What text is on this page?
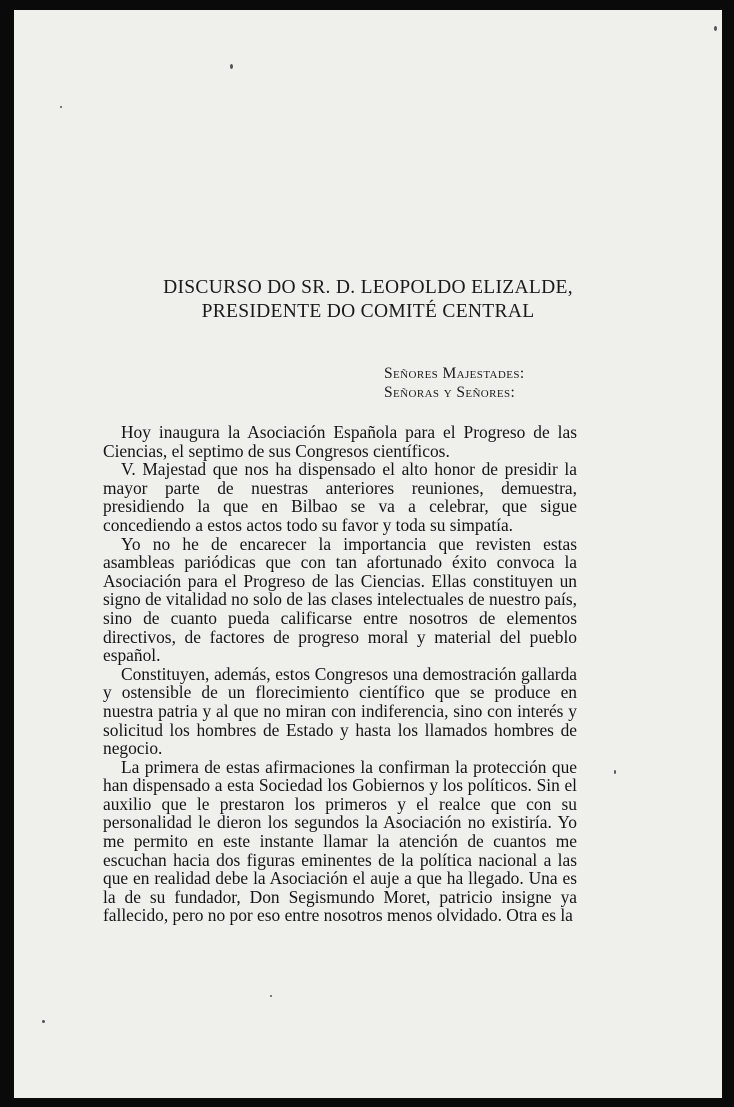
DISCURSO DO SR. D. LEOPOLDO ELIZALDE,
PRESIDENTE DO COMITÉ CENTRAL
Señores Majestades:
Señoras y Señores:

Hoy inaugura la Asociación Española para el Progreso de las Ciencias, el septimo de sus Congresos científicos.

V. Majestad que nos ha dispensado el alto honor de presidir la mayor parte de nuestras anteriores reuniones, demuestra, presidiendo la que en Bilbao se va a celebrar, que sigue concediendo a estos actos todo su favor y toda su simpatía.

Yo no he de encarecer la importancia que revisten estas asambleas pariódicas que con tan afortunado éxito convoca la Asociación para el Progreso de las Ciencias. Ellas constituyen un signo de vitalidad no solo de las clases intelectuales de nuestro país, sino de cuanto pueda calificarse entre nosotros de elementos directivos, de factores de progreso moral y material del pueblo español.

Constituyen, además, estos Congresos una demostración gallarda y ostensible de un florecimiento científico que se produce en nuestra patria y al que no miran con indiferencia, sino con interés y solicitud los hombres de Estado y hasta los llamados hombres de negocio.

La primera de estas afirmaciones la confirman la protección que han dispensado a esta Sociedad los Gobiernos y los políticos. Sin el auxilio que le prestaron los primeros y el realce que con su personalidad le dieron los segundos la Asociación no existiría. Yo me permito en este instante llamar la atención de cuantos me escuchan hacia dos figuras eminentes de la política nacional a las que en realidad debe la Asociación el auje a que ha llegado. Una es la de su fundador, Don Segismundo Moret, patricio insigne ya fallecido, pero no por eso entre nosotros menos olvidado. Otra es la
